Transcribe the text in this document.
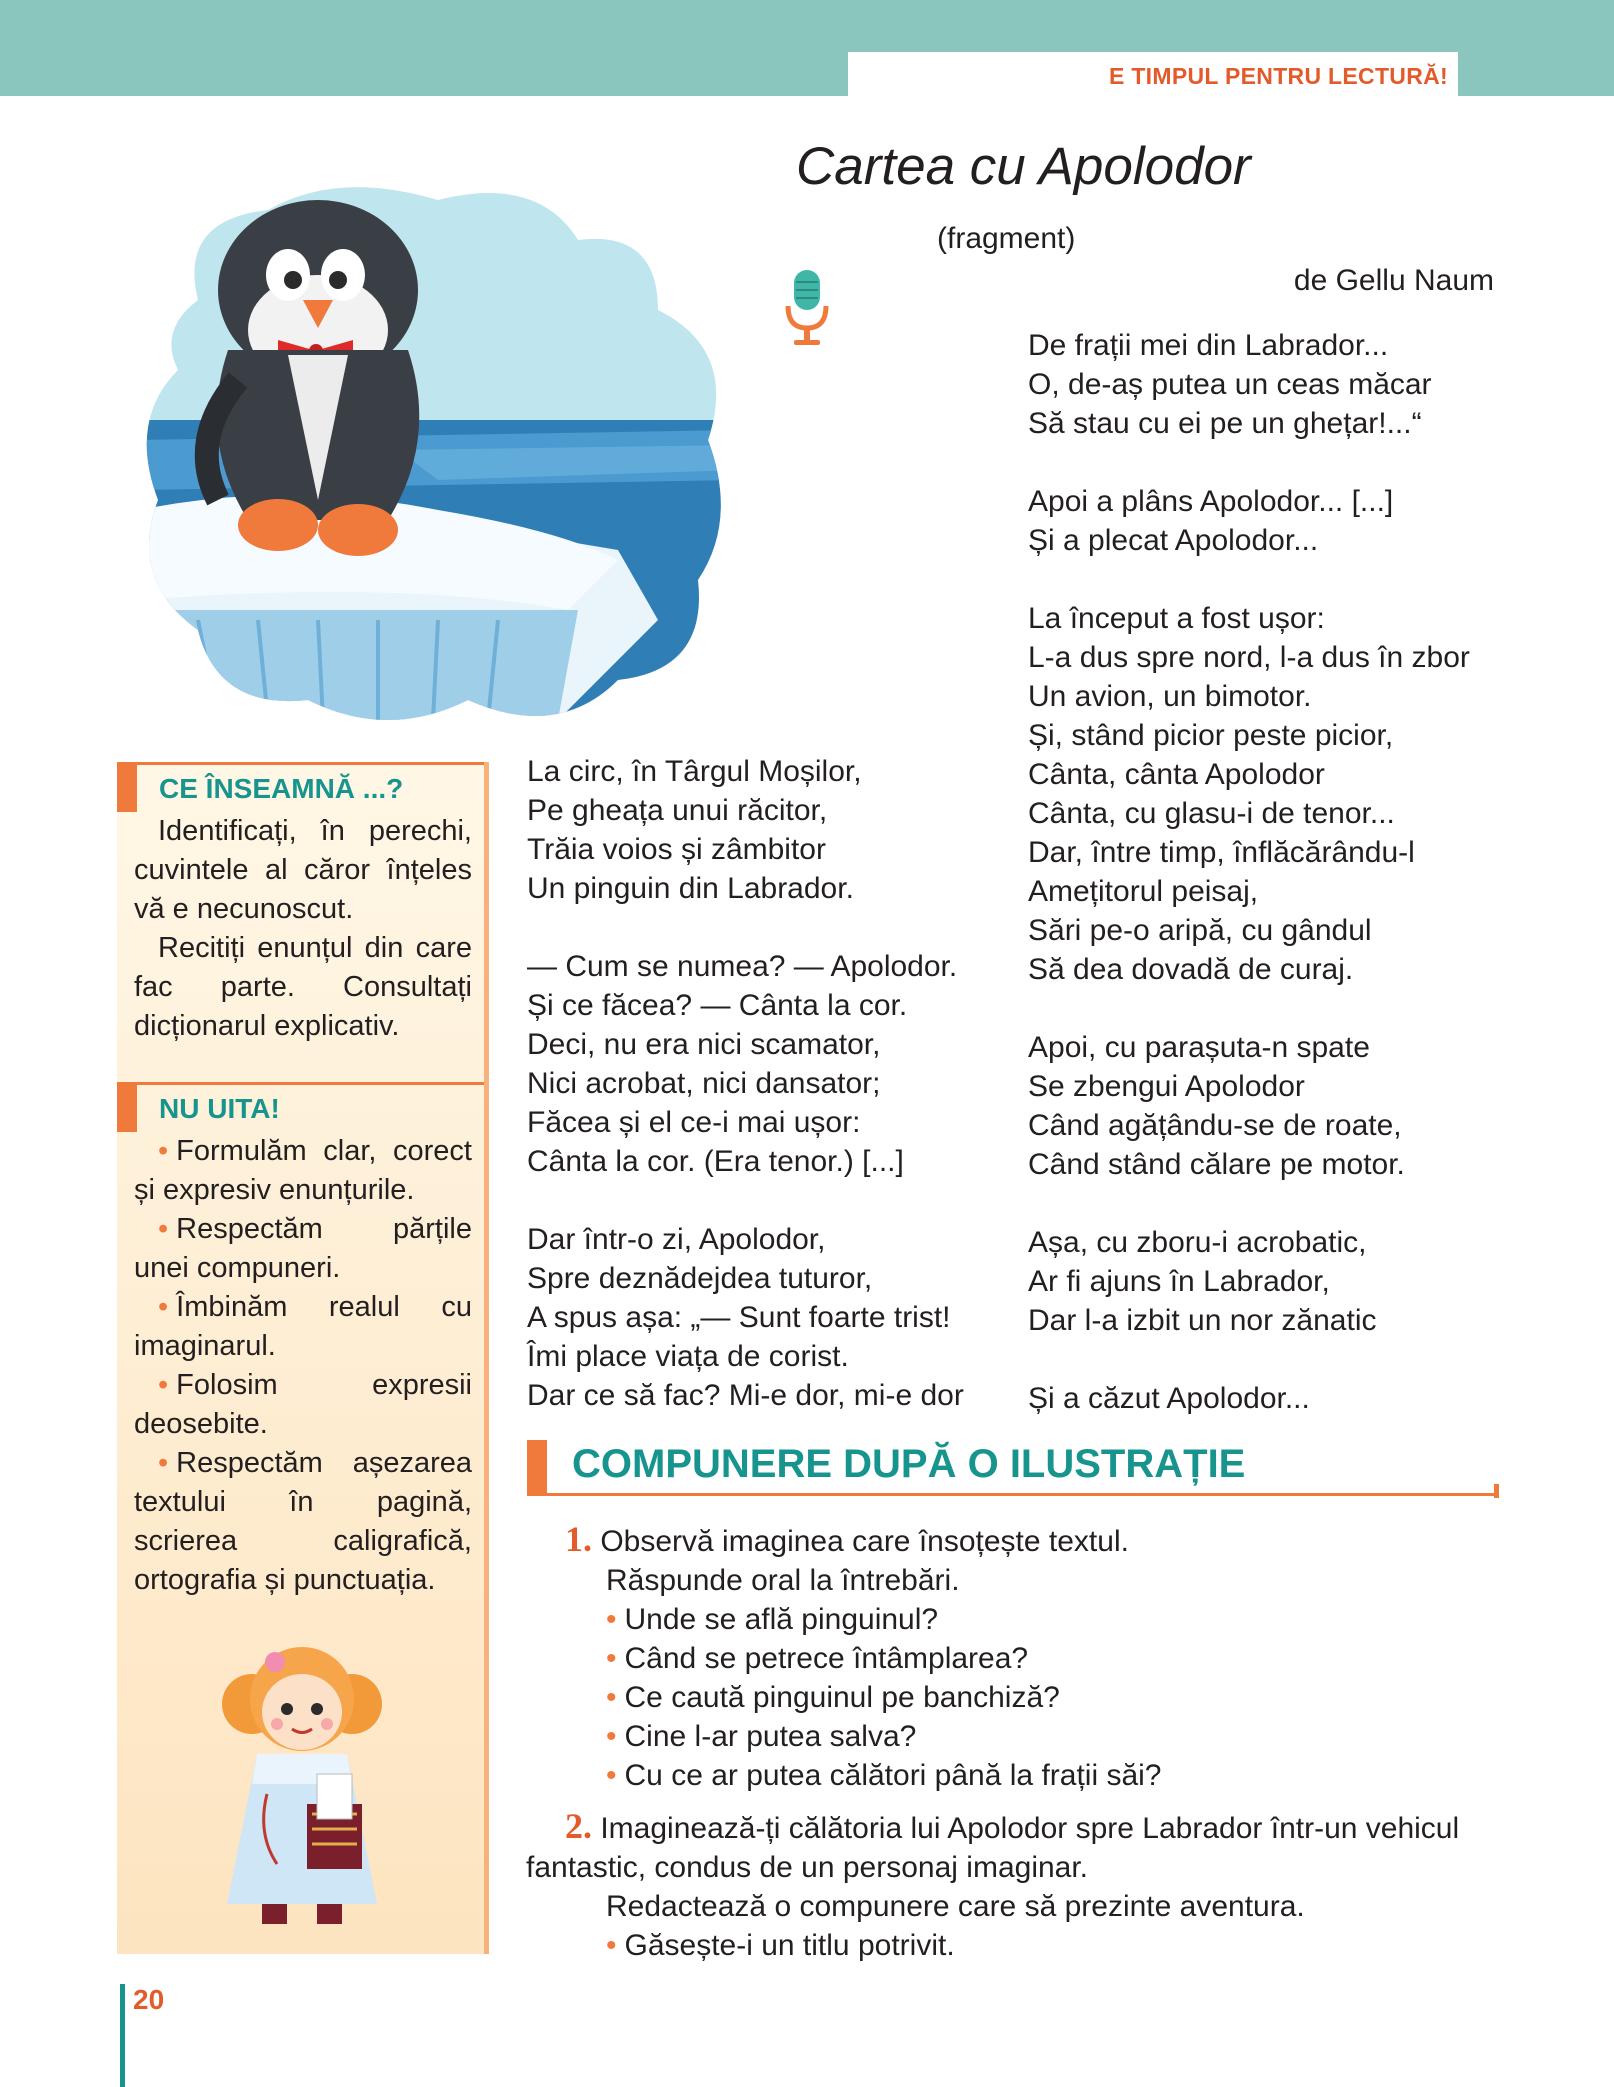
E TIMPUL PENTRU LECTURĂ!
Cartea cu Apolodor
(fragment)
de Gellu Naum
La circ, în Târgul Moșilor,
Pe gheața unui răcitor,
Trăia voios și zâmbitor
Un pinguin din Labrador.
— Cum se numea? — Apolodor.
Și ce făcea? — Cânta la cor.
Deci, nu era nici scamator,
Nici acrobat, nici dansator;
Făcea și el ce-i mai ușor:
Cânta la cor. (Era tenor.) [...]
Dar într-o zi, Apolodor,
Spre deznădejdea tuturor,
A spus așa: „— Sunt foarte trist!
Îmi place viața de corist.
Dar ce să fac? Mi-e dor, mi-e dor
De frații mei din Labrador...
O, de-aș putea un ceas măcar
Să stau cu ei pe un ghețar!...“
Apoi a plâns Apolodor... [...]
Și a plecat Apolodor...
La început a fost ușor:
L-a dus spre nord, l-a dus în zbor
Un avion, un bimotor.
Și, stând picior peste picior,
Cânta, cânta Apolodor
Cânta, cu glasu-i de tenor...
Dar, între timp, înflăcărându-l
Amețitorul peisaj,
Sări pe-o aripă, cu gândul
Să dea dovadă de curaj.
Apoi, cu parașuta-n spate
Se zbengui Apolodor
Când agățându-se de roate,
Când stând călare pe motor.
Așa, cu zboru-i acrobatic,
Ar fi ajuns în Labrador,
Dar l-a izbit un nor zănatic
Și a căzut Apolodor...
CE ÎNSEAMNĂ ...?

Identificați, în perechi, cuvintele al căror înțeles vă e necunoscut.

Recitiți enunțul din care fac parte. Consultați dicționarul explicativ.

NU UITA!

• Formulăm clar, corect și expresiv enunțurile.

• Respectăm părțile unei compuneri.

• Îmbinăm realul cu imaginarul.

• Folosim expresii deosebite.

• Respectăm așezarea textului în pagină, scrierea caligrafică, ortografia și punctuația.

COMPUNERE DUPĂ O ILUSTRAȚIE
1. Observă imaginea care însoțește textul.
Răspunde oral la întrebări.
• Unde se află pinguinul?
• Când se petrece întâmplarea?
• Ce caută pinguinul pe banchiză?
• Cine l-ar putea salva?
• Cu ce ar putea călători până la frații săi?
2. Imaginează-ți călătoria lui Apolodor spre Labrador într-un vehicul
fantastic, condus de un personaj imaginar.
Redactează o compunere care să prezinte aventura.
• Găsește-i un titlu potrivit.
20
